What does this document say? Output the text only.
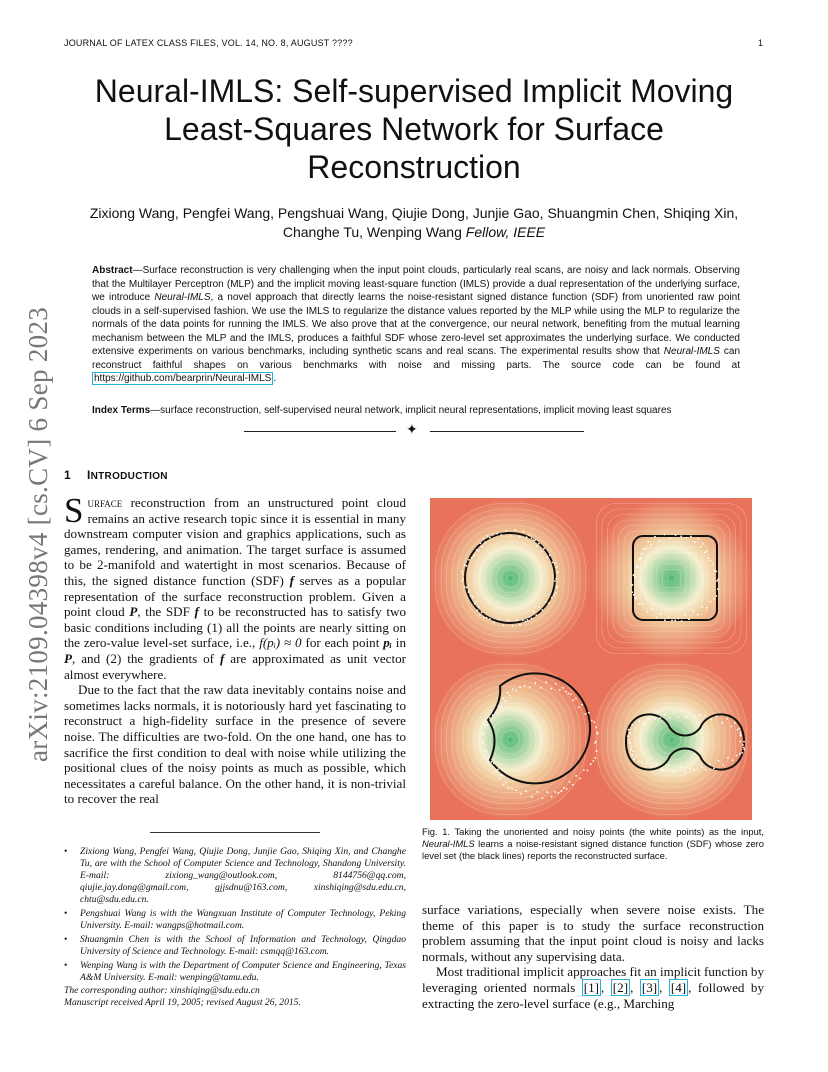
JOURNAL OF LATEX CLASS FILES, VOL. 14, NO. 8, AUGUST ????	1
Neural-IMLS: Self-supervised Implicit Moving Least-Squares Network for Surface Reconstruction
Zixiong Wang, Pengfei Wang, Pengshuai Wang, Qiujie Dong, Junjie Gao, Shuangmin Chen, Shiqing Xin, Changhe Tu, Wenping Wang Fellow, IEEE
Abstract—Surface reconstruction is very challenging when the input point clouds, particularly real scans, are noisy and lack normals. Observing that the Multilayer Perceptron (MLP) and the implicit moving least-square function (IMLS) provide a dual representation of the underlying surface, we introduce Neural-IMLS, a novel approach that directly learns the noise-resistant signed distance function (SDF) from unoriented raw point clouds in a self-supervised fashion. We use the IMLS to regularize the distance values reported by the MLP while using the MLP to regularize the normals of the data points for running the IMLS. We also prove that at the convergence, our neural network, benefiting from the mutual learning mechanism between the MLP and the IMLS, produces a faithful SDF whose zero-level set approximates the underlying surface. We conducted extensive experiments on various benchmarks, including synthetic scans and real scans. The experimental results show that Neural-IMLS can reconstruct faithful shapes on various benchmarks with noise and missing parts. The source code can be found at https://github.com/bearprin/Neural-IMLS .
Index Terms—surface reconstruction, self-supervised neural network, implicit neural representations, implicit moving least squares
✦
arXiv:2109.04398v4 [cs.CV] 6 Sep 2023 1 INTRODUCTION

Surface reconstruction from an unstructured point cloud remains an active research topic since it is essential in many downstream computer vision and graphics applications, such as games, rendering, and animation. The target surface is assumed to be 2-manifold and watertight in most scenarios. Because of this, the signed distance function (SDF) f serves as a popular representation of the surface reconstruction problem. Given a point cloud P, the SDF f to be reconstructed has to satisfy two basic conditions including (1) all the points are nearly sitting on the zero-value level-set surface, i.e., f(pᵢ) ≈ 0 for each point pᵢ in P, and (2) the gradients of f are approximated as unit vector almost everywhere.

Due to the fact that the raw data inevitably contains noise and sometimes lacks normals, it is notoriously hard yet fascinating to reconstruct a high-fidelity surface in the presence of severe noise. The difficulties are two-fold. On the one hand, one has to sacrifice the first condition to deal with noise while utilizing the positional clues of the noisy points as much as possible, which necessitates a careful balance. On the other hand, it is non-trivial to recover the real

• Zixiong Wang, Pengfei Wang, Qiujie Dong, Junjie Gao, Shiqing Xin, and Changhe Tu, are with the School of Computer Science and Technology, Shandong University. E-mail: zixiong_wang@outlook.com, 8144756@qq.com, qiujie.jay.dong@gmail.com, gjjsdnu@163.com, xinshiqing@sdu.edu.cn, chtu@sdu.edu.cn.
• Pengshuai Wang is with the Wangxuan Institute of Computer Technology, Peking University. E-mail: wangps@hotmail.com.
• Shuangmin Chen is with the School of Information and Technology, Qingdao University of Science and Technology. E-mail: csmqq@163.com.
• Wenping Wang is with the Department of Computer Science and Engineering, Texas A&M University. E-mail: wenping@tamu.edu.
The corresponding author: xinshiqing@sdu.edu.cn
Manuscript received April 19, 2005; revised August 26, 2015.
Fig. 1. Taking the unoriented and noisy points (the white points) as the input, Neural-IMLS learns a noise-resistant signed distance function (SDF) whose zero level set (the black lines) reports the reconstructed surface.

surface variations, especially when severe noise exists. The theme of this paper is to study the surface reconstruction problem assuming that the input point cloud is noisy and lacks normals, without any supervising data.

Most traditional implicit approaches fit an implicit function by leveraging oriented normals [1] , [2] , [3] , [4] , followed by extracting the zero-level surface (e.g., Marching
